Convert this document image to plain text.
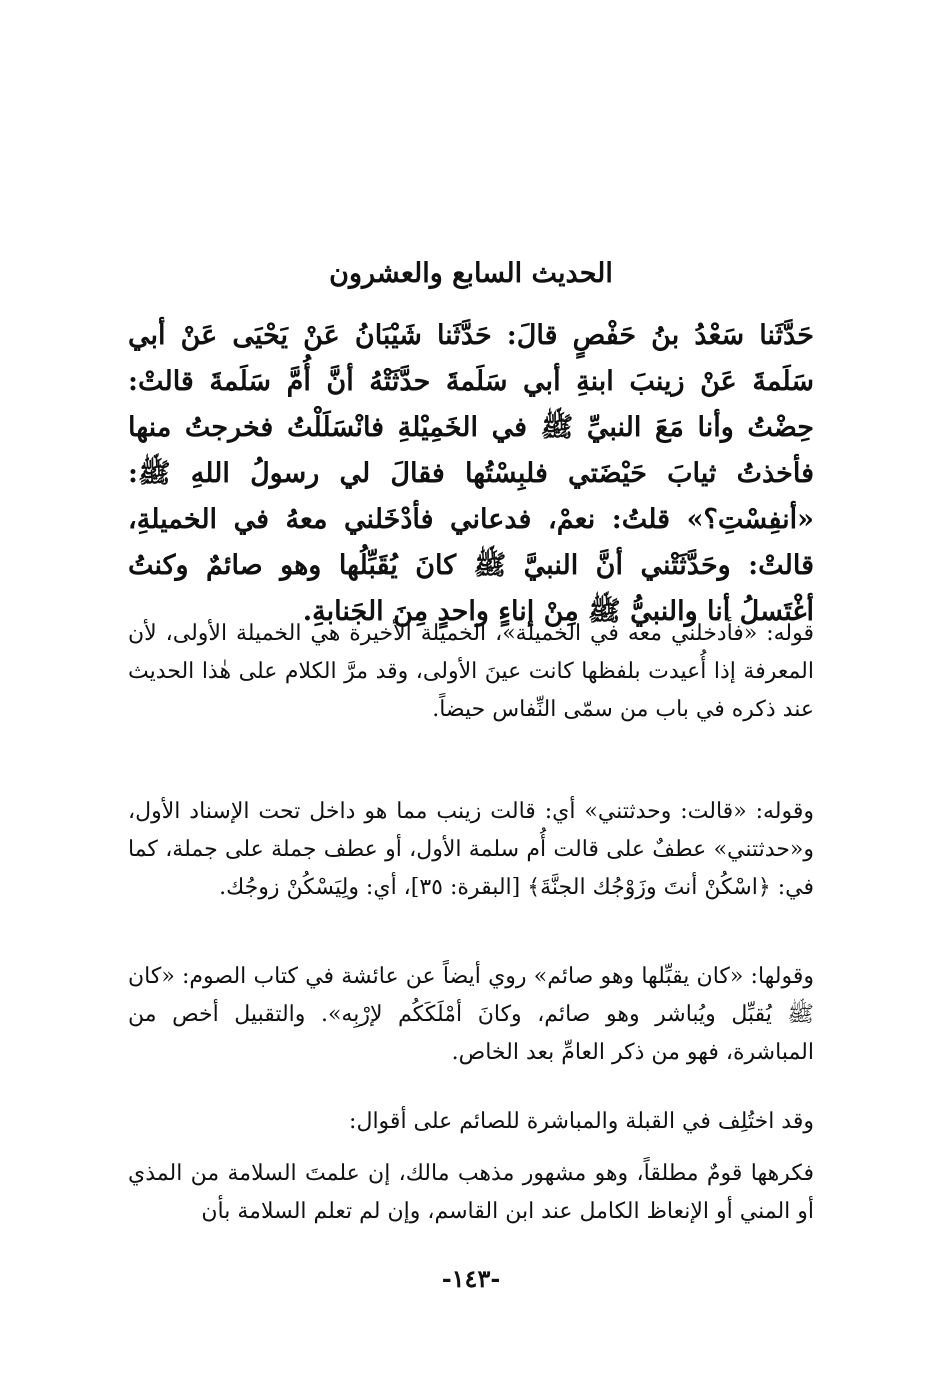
الحديث السابع والعشرون
حَدَّثَنا سَعْدُ بنُ حَفْصٍ قالَ: حَدَّثَنا شَيْبَانُ عَنْ يَحْيَى عَنْ أبي سَلَمةَ عَنْ زينبَ ابنةِ أبي سَلَمةَ حدَّثَتْهُ أنَّ أُمَّ سَلَمةَ قالتْ: حِضْتُ وأنا مَعَ النبيِّ ﷺ في الخَمِيْلةِ فانْسَلَلْتُ فخرجتُ منها فأخذتُ ثيابَ حَيْضَتي فلبِسْتُها فقالَ لي رسولُ اللهِ ﷺ: «أنفِسْتِ؟» قلتُ: نعمْ، فدعاني فأدْخَلني معهُ في الخميلةِ، قالتْ: وحَدَّثَتْني أنَّ النبيَّ ﷺ كانَ يُقَبِّلُها وهو صائمٌ وكنتُ أغْتَسلُ أنا والنبيُّ ﷺ مِنْ إناءٍ واحدٍ مِنَ الجَنابةِ.
قوله: «فأدخلني معه في الخميلة»، الخميلة الأخيرة هي الخميلة الأولى، لأن المعرفة إذا أُعيدت بلفظها كانت عينَ الأولى، وقد مرَّ الكلام على هٰذا الحديث عند ذكره في باب من سمّى النِّفاس حيضاً.
وقوله: «قالت: وحدثتني» أي: قالت زينب مما هو داخل تحت الإسناد الأول، و«حدثتني» عطفٌ على قالت أُم سلمة الأول، أو عطف جملة على جملة، كما في: ﴿اسْكُنْ أنتَ وزَوْجُك الجنَّةَ﴾ [البقرة: ٣٥]، أي: ولِيَسْكُنْ زوجُك.
وقولها: «كان يقبِّلها وهو صائم» روي أيضاً عن عائشة في كتاب الصوم: «كان ﷺ يُقبِّل ويُباشر وهو صائم، وكانَ أمْلَكَكُم لإرْبِه». والتقبيل أخص من المباشرة، فهو من ذكر العامِّ بعد الخاص.
وقد اختُلِف في القبلة والمباشرة للصائم على أقوال:
فكرهها قومٌ مطلقاً، وهو مشهور مذهب مالك، إن علمتَ السلامة من المذي أو المني أو الإنعاظ الكامل عند ابن القاسم، وإن لم تعلم السلامة بأن
-١٤٣-
